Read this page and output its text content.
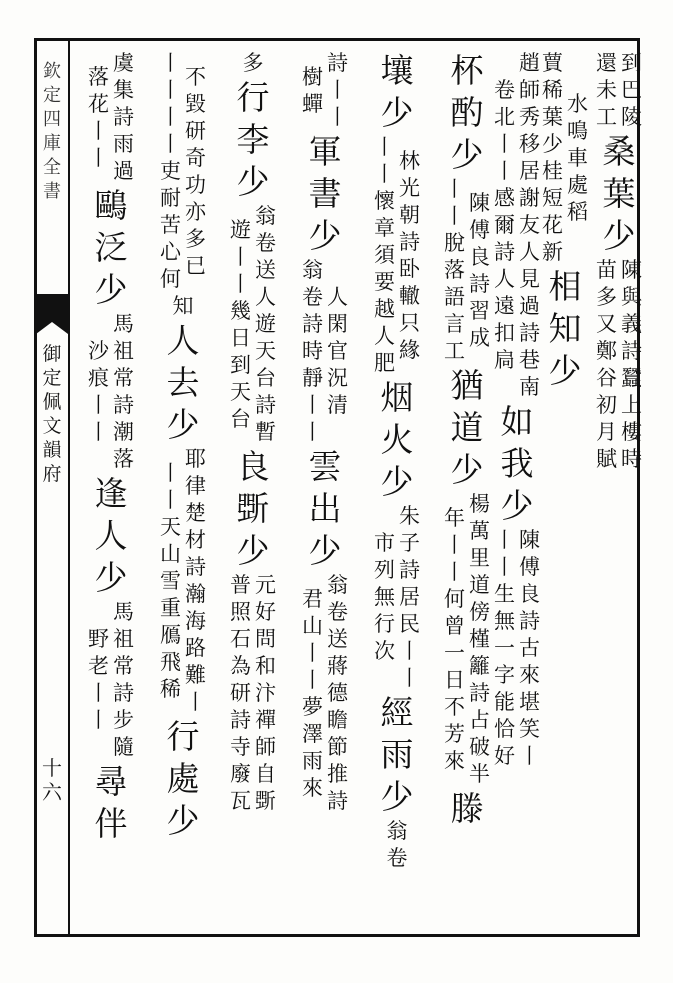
欽
定
四
庫
全
書
御
定
佩
文
韻
府
十
六
還
未
工
到
巴
陵
桑
葉
少
苗
多
又
鄭
谷
初
月
賦
陳
與
義
詩
蠶
上
樓
時
蕒
稀
葉
少
桂
短
花
新
水
鳴
車
處
稻
相
知
少
卷
北
丨
丨
感
爾
詩
人
遠
扣
扃
趙
師
秀
移
居
謝
友
人
見
過
詩
巷
南
如
我
少
丨
丨
生
無
一
字
能
恰
好
陳
傅
良
詩
古
來
堪
笑
丨
杯
酌
少
丨
丨
脫
落
語
言
工
陳
傅
良
詩
習
成
猶
道
少
年
丨
丨
何
曾
一
日
不
芳
來
楊
萬
里
道
傍
槿
籬
詩
占
破
半
滕
壤
少
丨
丨
懷
章
須
要
越
人
肥
林
光
朝
詩
卧
轍
只
緣
烟
火
少
市
列
無
行
次
朱
子
詩
居
民
丨
丨
經
雨
少
翁
卷
樹
蟬
詩
丨
丨
軍
書
少
翁
卷
詩
時
靜
丨
丨
人
閑
官
況
清
雲
出
少
君
山
丨
丨
夢
澤
雨
來
翁
卷
送
蔣
德
瞻
節
推
詩
多
行
李
少
遊
丨
丨
幾
日
到
天
台
翁
卷
送
人
遊
天
台
詩
暫
良
斲
少
普
照
石
為
研
詩
寺
廢
瓦
元
好
問
和
汴
禪
師
自
斲
丨
丨
丨
丨
吏
耐
苦
心
何
不
毀
研
奇
功
亦
多
已
知
人
去
少
丨
丨
天
山
雪
重
鴈
飛
稀
耶
律
楚
材
詩
瀚
海
路
難
丨
行
處
少
落
花
丨
丨
虞
集
詩
雨
過
鷗
泛
少
沙
痕
丨
丨
馬
祖
常
詩
潮
落
逢
人
少
野
老
丨
丨
馬
祖
常
詩
步
隨
尋
伴
